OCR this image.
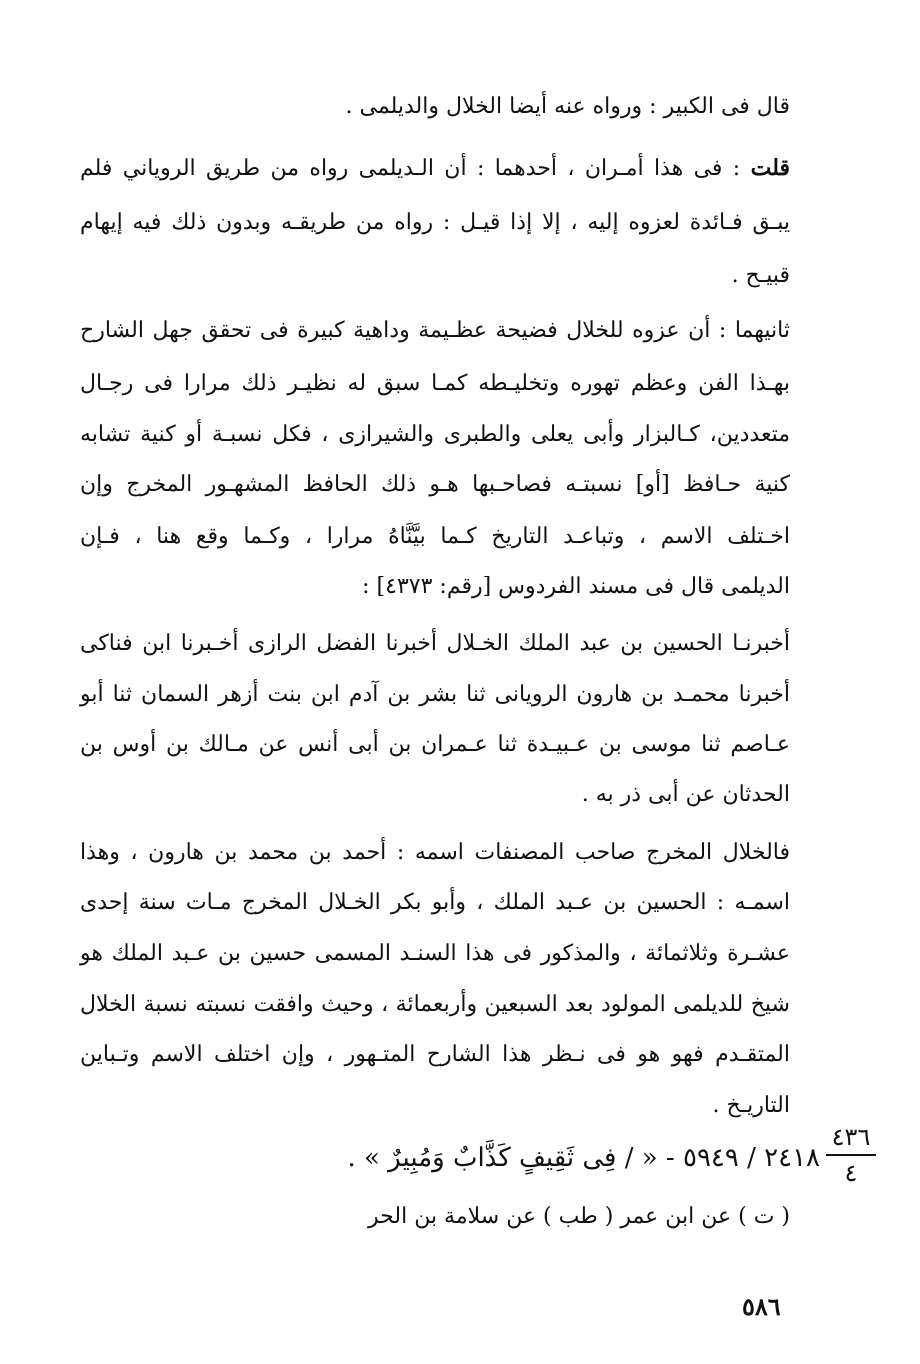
قال فى الكبير : ورواه عنه أيضا الخلال والديلمى .
قلت : فى هذا أمـران ، أحدهما : أن الـديلمى رواه من طريق الروياني فلم
يبـق فـائدة لعزوه إليه ، إلا إذا قيـل : رواه من طريقـه وبدون ذلك فيه إيهام
قبيـح .
ثانيهما : أن عزوه للخلال فضيحة عظـيمة وداهية كبيرة فى تحقق جهل الشارح
بهـذا الفن وعظم تهوره وتخليـطه كمـا سبق له نظيـر ذلك مرارا فى رجـال
متعددين، كـالبزار وأبى يعلى والطبرى والشيرازى ، فكل نسبـة أو كنية تشابه
كنية حـافظ [أو] نسبتـه فصاحـبها هـو ذلك الحافظ المشهـور المخرج وإن
اخـتلف الاسم ، وتباعـد التاريخ كـما بيَّنَّاهُ مرارا ، وكـما وقع هنا ، فـإن
الديلمى قال فى مسند الفردوس [رقم: ٤٣٧٣] :
أخبرنـا الحسين بن عبد الملك الخـلال أخبرنا الفضل الرازى أخـبرنا ابن فناكى
أخبرنا محمـد بن هارون الرويانى ثنا بشر بن آدم ابن بنت أزهر السمان ثنا أبو
عـاصم ثنا موسى بن عـبيـدة ثنا عـمران بن أبى أنس عن مـالك بن أوس بن
الحدثان عن أبى ذر به .
فالخلال المخرج صاحب المصنفات اسمه : أحمد بن محمد بن هارون ، وهذا
اسمـه : الحسين بن عـبد الملك ، وأبو بكر الخـلال المخرج مـات سنة إحدى
عشـرة وثلاثمائة ، والمذكور فى هذا السنـد المسمى حسين بن عـبد الملك هو
شيخ للديلمى المولود بعد السبعين وأربعمائة ، وحيث وافقت نسبته نسبة الخلال
المتقـدم فهو هو فى نـظر هذا الشارح المتـهور ، وإن اختلف الاسم وتـباين
التاريـخ .
٤٣٦
٤
٢٤١٨ / ٥٩٤٩ - « / فِى ثَقِيفٍ كَذَّابٌ وَمُبِيرٌ » .
( ت ) عن ابن عمر ( طب ) عن سلامة بن الحر
٥٨٦
